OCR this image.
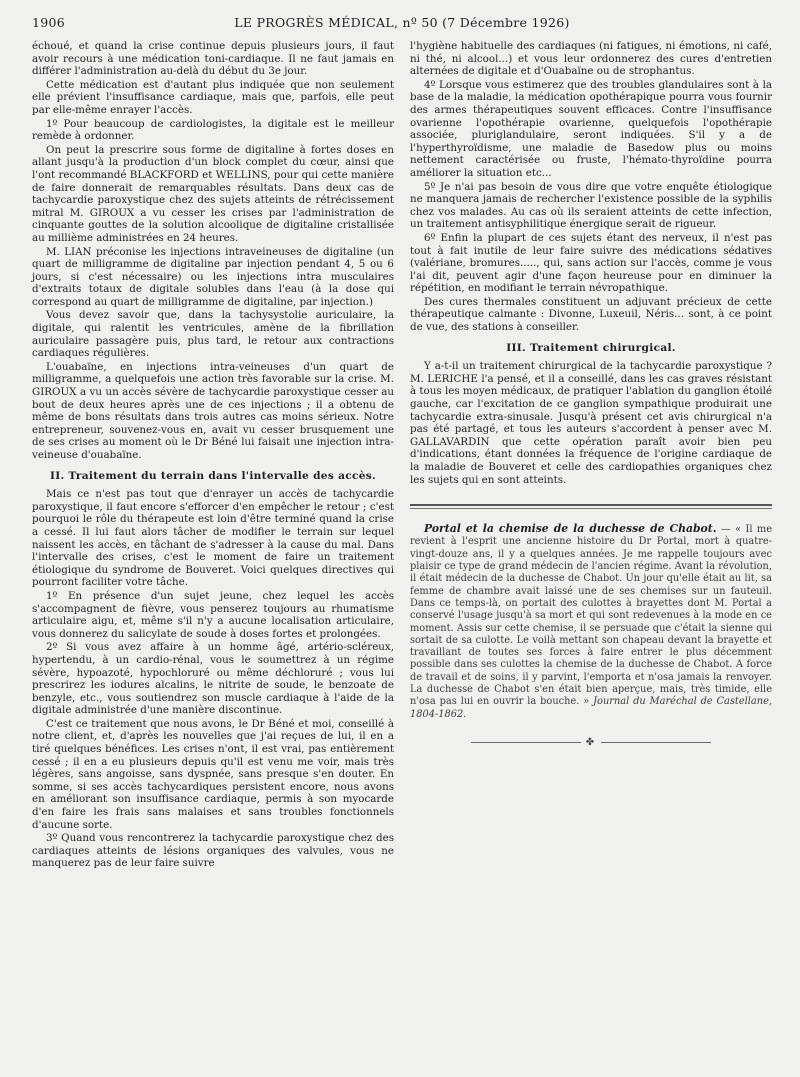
1906	LE PROGRÈS MÉDICAL, nº 50 (7 Décembre 1926)

échoué, et quand la crise continue depuis plusieurs jours, il faut avoir recours à une médication toni-cardiaque. Il ne faut jamais en différer l'administration au-delà du début du 3e jour.

Cette médication est d'autant plus indiquée que non seulement elle prévient l'insuffisance cardiaque, mais que, parfois, elle peut par elle-même enrayer l'accès.

1º Pour beaucoup de cardiologistes, la digitale est le meilleur remède à ordonner.

On peut la prescrire sous forme de digitaline à fortes doses en allant jusqu'à la production d'un block complet du cœur, ainsi que l'ont recommandé BLACKFORD et WELLINS, pour qui cette manière de faire donnerait de remarquables résultats. Dans deux cas de tachycardie paroxystique chez des sujets atteints de rétrécissement mitral M. GIROUX a vu cesser les crises par l'administration de cinquante gouttes de la solution alcoolique de digitaline cristallisée au millième administrées en 24 heures.

M. LIAN préconise les injections intraveineuses de digitaline (un quart de milligramme de digitaline par injection pendant 4, 5 ou 6 jours, si c'est nécessaire) ou les injections intra musculaires d'extraits totaux de digitale solubles dans l'eau (à la dose qui correspond au quart de milligramme de digitaline, par injection.)

Vous devez savoir que, dans la tachysystolie auriculaire, la digitale, qui ralentit les ventricules, amène de la fibrillation auriculaire passagère puis, plus tard, le retour aux contractions cardiaques régulières.

L'ouabaïne, en injections intra-veineuses d'un quart de milligramme, a quelquefois une action très favorable sur la crise. M. GIROUX a vu un accès sévère de tachycardie paroxystique cesser au bout de deux heures après une de ces injections ; il a obtenu de même de bons résultats dans trois autres cas moins sérieux. Notre entrepreneur, souvenez-vous en, avait vu cesser brusquement une de ses crises au moment où le Dr Béné lui faisait une injection intra-veineuse d'ouabaïne.

II. Traitement du terrain dans l'intervalle des accès.

Mais ce n'est pas tout que d'enrayer un accès de tachycardie paroxystique, il faut encore s'efforcer d'en empêcher le retour ; c'est pourquoi le rôle du thérapeute est loin d'être terminé quand la crise a cessé. Il lui faut alors tâcher de modifier le terrain sur lequel naissent les accès, en tâchant de s'adresser à la cause du mal. Dans l'intervalle des crises, c'est le moment de faire un traitement étiologique du syndrome de Bouveret. Voici quelques directives qui pourront faciliter votre tâche.

1º En présence d'un sujet jeune, chez lequel les accès s'accompagnent de fièvre, vous penserez toujours au rhumatisme articulaire aigu, et, même s'il n'y a aucune localisation articulaire, vous donnerez du salicylate de soude à doses fortes et prolongées.

2º Si vous avez affaire à un homme âgé, artério-scléreux, hypertendu, à un cardio-rénal, vous le soumettrez à un régime sévère, hypoazoté, hypochloruré ou même déchloruré ; vous lui prescrirez les iodures alcalins, le nitrite de soude, le benzoate de benzyle, etc., vous soutiendrez son muscle cardiaque à l'aide de la digitale administrée d'une manière discontinue.

C'est ce traitement que nous avons, le Dr Béné et moi, conseillé à notre client, et, d'après les nouvelles que j'ai reçues de lui, il en a tiré quelques bénéfices. Les crises n'ont, il est vrai, pas entièrement cessé ; il en a eu plusieurs depuis qu'il est venu me voir, mais très légères, sans angoisse, sans dyspnée, sans presque s'en douter. En somme, si ses accès tachycardiques persistent encore, nous avons en améliorant son insuffisance cardiaque, permis à son myocarde d'en faire les frais sans malaises et sans troubles fonctionnels d'aucune sorte.

3º Quand vous rencontrerez la tachycardie paroxystique chez des cardiaques atteints de lésions organiques des valvules, vous ne manquerez pas de leur faire suivre

l'hygiène habituelle des cardiaques (ni fatigues, ni émotions, ni café, ni thé, ni alcool...) et vous leur ordonnerez des cures d'entretien alternées de digitale et d'Ouabaïne ou de strophantus.

4º Lorsque vous estimerez que des troubles glandulaires sont à la base de la maladie, la médication opothérapique pourra vous fournir des armes thérapeutiques souvent efficaces. Contre l'insuffisance ovarienne l'opothérapie ovarienne, quelquefois l'opothérapie associée, pluriglandulaire, seront indiquées. S'il y a de l'hyperthyroïdisme, une maladie de Basedow plus ou moins nettement caractérisée ou fruste, l'hémato-thyroïdine pourra améliorer la situation etc...

5º Je n'ai pas besoin de vous dire que votre enquête étiologique ne manquera jamais de rechercher l'existence possible de la syphilis chez vos malades. Au cas où ils seraient atteints de cette infection, un traitement antisyphilitique énergique serait de rigueur.

6º Enfin la plupart de ces sujets étant des nerveux, il n'est pas tout à fait inutile de leur faire suivre des médications sédatives (valériane, bromures....., qui, sans action sur l'accès, comme je vous l'ai dit, peuvent agir d'une façon heureuse pour en diminuer la répétition, en modifiant le terrain névropathique.

Des cures thermales constituent un adjuvant précieux de cette thérapeutique calmante : Divonne, Luxeuil, Néris... sont, à ce point de vue, des stations à conseiller.

III. Traitement chirurgical.

Y a-t-il un traitement chirurgical de la tachycardie paroxystique ? M. LERICHE l'a pensé, et il a conseillé, dans les cas graves résistant à tous les moyen médicaux, de pratiquer l'ablation du ganglion étoilé gauche, car l'excitation de ce ganglion sympathique produirait une tachycardie extra-sinusale. Jusqu'à présent cet avis chirurgical n'a pas été partagé, et tous les auteurs s'accordent à penser avec M. GALLAVARDIN que cette opération paraît avoir bien peu d'indications, étant données la fréquence de l'origine cardiaque de la maladie de Bouveret et celle des cardiopathies organiques chez les sujets qui en sont atteints.

Portal et la chemise de la duchesse de Chabot. — « Il me revient à l'esprit une ancienne histoire du Dr Portal, mort à quatre-vingt-douze ans, il y a quelques années. Je me rappelle toujours avec plaisir ce type de grand médecin de l'ancien régime. Avant la révolution, il était médecin de la duchesse de Chabot. Un jour qu'elle était au lit, sa femme de chambre avait laissé une de ses chemises sur un fauteuil. Dans ce temps-là, on portait des culottes à brayettes dont M. Portal a conservé l'usage jusqu'à sa mort et qui sont redevenues à la mode en ce moment. Assis sur cette chemise, il se persuade que c'était la sienne qui sortait de sa culotte. Le voilà mettant son chapeau devant la brayette et travaillant de toutes ses forces à faire entrer le plus décemment possible dans ses culottes la chemise de la duchesse de Chabot. A force de travail et de soins, il y parvint, l'emporta et n'osa jamais la renvoyer. La duchesse de Chabot s'en était bien aperçue, mais, très timide, elle n'osa pas lui en ouvrir la bouche. » Journal du Maréchal de Castellane, 1804-1862.

✤
